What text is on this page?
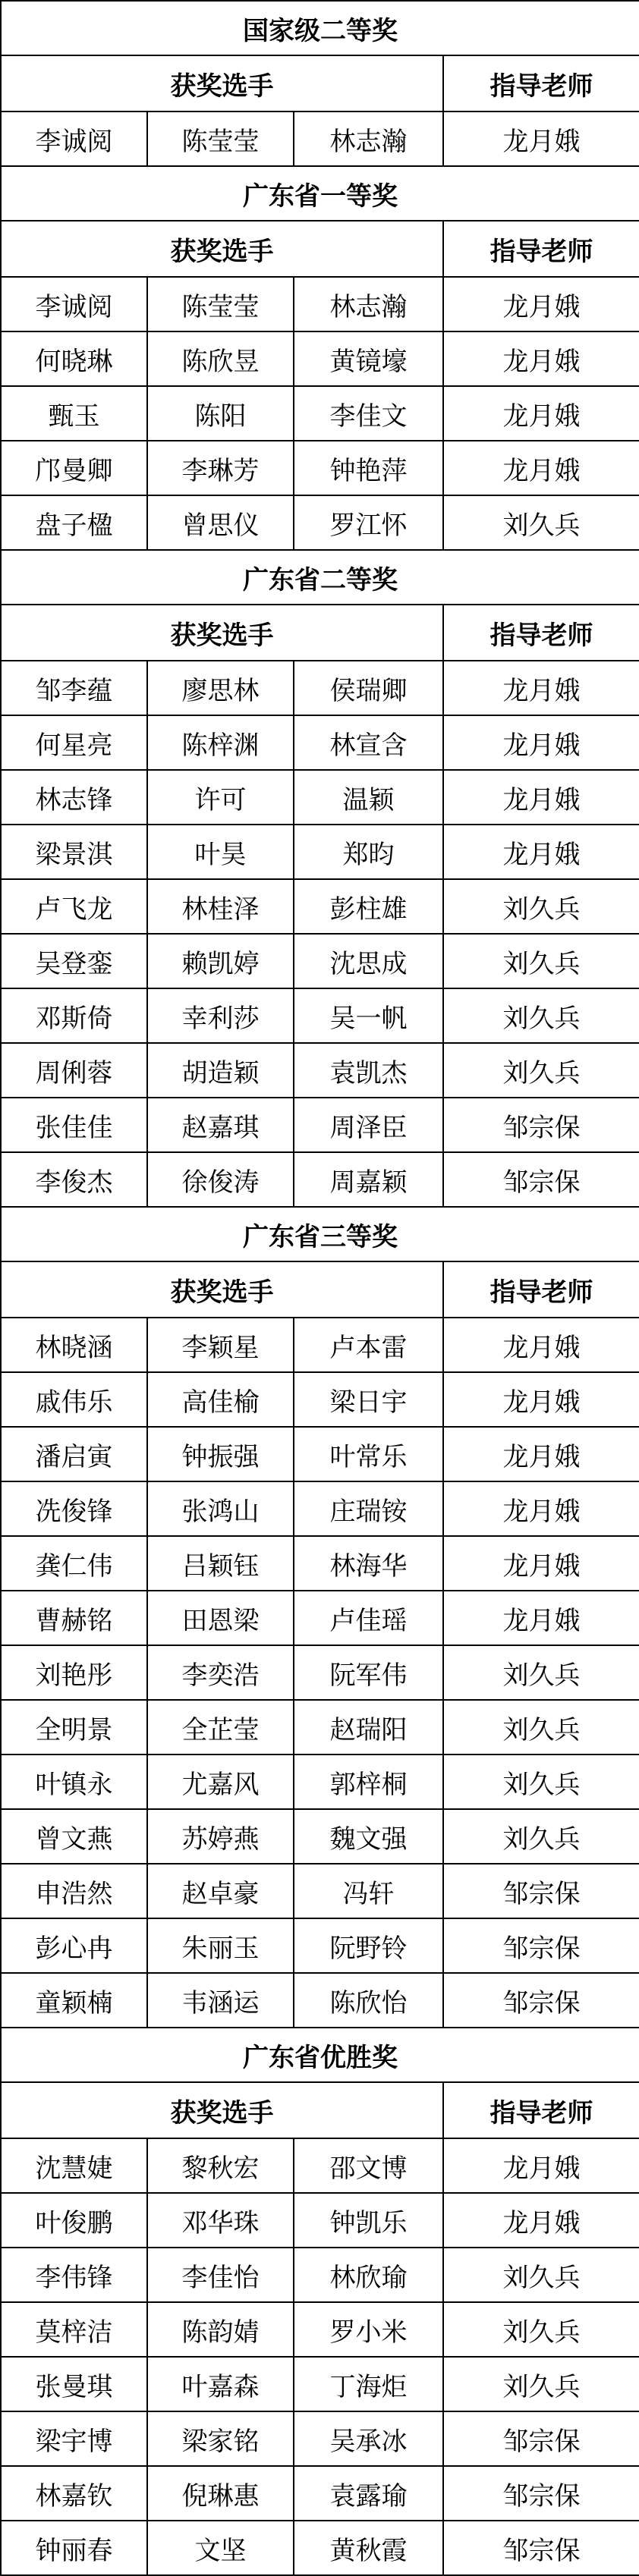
国家级二等奖			
获奖选手			指导老师
李诚阅	陈莹莹	林志瀚	龙月娥
广东省一等奖			
获奖选手			指导老师
李诚阅	陈莹莹	林志瀚	龙月娥
何晓琳	陈欣昱	黄镜壕	龙月娥
甄玉	陈阳	李佳文	龙月娥
邝曼卿	李琳芳	钟艳萍	龙月娥
盘子楹	曾思仪	罗江怀	刘久兵
广东省二等奖			
获奖选手			指导老师
邹李蕴	廖思林	侯瑞卿	龙月娥
何星亮	陈梓渊	林宣含	龙月娥
林志锋	许可	温颖	龙月娥
梁景淇	叶昊	郑昀	龙月娥
卢飞龙	林桂泽	彭柱雄	刘久兵
吴登銮	赖凯婷	沈思成	刘久兵
邓斯倚	幸利莎	吴一帆	刘久兵
周俐蓉	胡造颖	袁凯杰	刘久兵
张佳佳	赵嘉琪	周泽臣	邹宗保
李俊杰	徐俊涛	周嘉颖	邹宗保
广东省三等奖			
获奖选手			指导老师
林晓涵	李颖星	卢本雷	龙月娥
戚伟乐	高佳榆	梁日宇	龙月娥
潘启寅	钟振强	叶常乐	龙月娥
冼俊锋	张鸿山	庄瑞铵	龙月娥
龚仁伟	吕颖钰	林海华	龙月娥
曹赫铭	田恩梁	卢佳瑶	龙月娥
刘艳彤	李奕浩	阮军伟	刘久兵
全明景	全芷莹	赵瑞阳	刘久兵
叶镇永	尤嘉风	郭梓桐	刘久兵
曾文燕	苏婷燕	魏文强	刘久兵
申浩然	赵卓豪	冯轩	邹宗保
彭心冉	朱丽玉	阮野铃	邹宗保
童颖楠	韦涵运	陈欣怡	邹宗保
广东省优胜奖			
获奖选手			指导老师
沈慧婕	黎秋宏	邵文博	龙月娥
叶俊鹏	邓华珠	钟凯乐	龙月娥
李伟锋	李佳怡	林欣瑜	刘久兵
莫梓洁	陈韵婧	罗小米	刘久兵
张曼琪	叶嘉森	丁海炬	刘久兵
梁宇博	梁家铭	吴承冰	邹宗保
林嘉钦	倪琳惠	袁露瑜	邹宗保
钟丽春	文坚	黄秋霞	邹宗保
